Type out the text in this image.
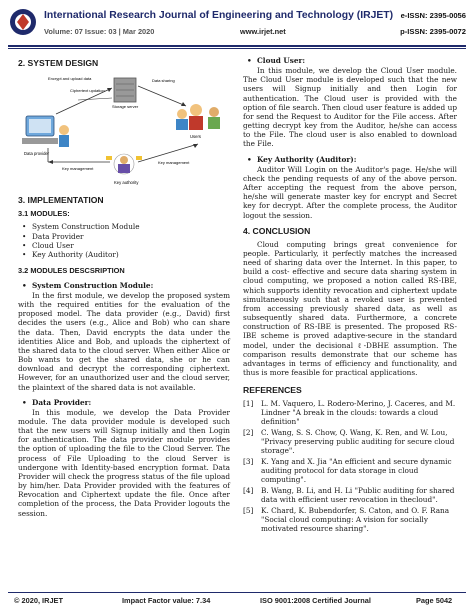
International Research Journal of Engineering and Technology (IRJET) e-ISSN: 2395-0056
Volume: 07 Issue: 03 | Mar 2020	www.irjet.net	p-ISSN: 2395-0072
2. SYSTEM DESIGN
Data provider
Encrypt and upload data
Ciphertext updation
Storage server
Data sharing
Users
Key authority
Key management
Key management
3. IMPLEMENTATION
3.1 MODULES:
• System Construction Module
• Data Provider
• Cloud User
• Key Authority (Auditor)
3.2 MODULES DESCSRIPTION
• System Construction Module:

In the first module, we develop the proposed system with the required entities for the evaluation of the proposed model. The data provider (e.g., David) first decides the users (e.g., Alice and Bob) who can share the data. Then, David encrypts the data under the identities Alice and Bob, and uploads the ciphertext of the shared data to the cloud server. When either Alice or Bob wants to get the shared data, she or he can download and decrypt the corresponding ciphertext. However, for an unauthorized user and the cloud server, the plaintext of the shared data is not available.

• Data Provider:

In this module, we develop the Data Provider module. The data provider module is developed such that the new users will Signup initially and then Login for authentication. The data provider module provides the option of uploading the file to the Cloud Server. The process of File Uploading to the cloud Server is undergone with Identity-based encryption format. Data Provider will check the progress status of the file upload by him/her. Data Provider provided with the features of Revocation and Ciphertext update the file. Once after completion of the process, the Data Provider logouts the session.

• Cloud User:

In this module, we develop the Cloud User module. The Cloud User module is developed such that the new users will Signup initially and then Login for authentication. The Cloud user is provided with the option of file search. Then cloud user feature is added up for send the Request to Auditor for the File access. After getting decrypt key from the Auditor, he/she can access to the File. The cloud user is also enabled to download the File.

• Key Authority (Auditor):

Auditor Will Login on the Auditor's page. He/she will check the pending requests of any of the above person. After accepting the request from the above person, he/she will generate master key for encrypt and Secret key for decrypt. After the complete process, the Auditor logout the session.

4. CONCLUSION

Cloud computing brings great convenience for people. Particularly, it perfectly matches the increased need of sharing data over the Internet. In this paper, to build a cost- effective and secure data sharing system in cloud computing, we proposed a notion called RS-IBE, which supports identity revocation and ciphertext update simultaneously such that a revoked user is prevented from accessing previously shared data, as well as subsequently shared data. Furthermore, a concrete construction of RS-IBE is presented. The proposed RS-IBE scheme is proved adaptive-secure in the standard model, under the decisional ℓ-DBHE assumption. The comparison results demonstrate that our scheme has advantages in terms of efficiency and functionality, and thus is more feasible for practical applications.

REFERENCES
[1] L. M. Vaquero, L. Rodero-Merino, J. Caceres, and M. Lindner "A break in the clouds: towards a cloud definition"
[2] C. Wang, S. S. Chow, Q. Wang, K. Ren, and W. Lou, "Privacy preserving public auditing for secure cloud storage".
[3] K. Yang and X. Jia "An efficient and secure dynamic auditing protocol for data storage in cloud computing".
[4] B. Wang, B. Li, and H. Li "Public auditing for shared data with efficient user revocation in thecloud".
[5] K. Chard, K. Bubendorfer, S. Caton, and O. F. Rana "Social cloud computing: A vision for socially motivated resource sharing".
© 2020, IRJET	Impact Factor value: 7.34	ISO 9001:2008 Certified Journal	Page 5042
